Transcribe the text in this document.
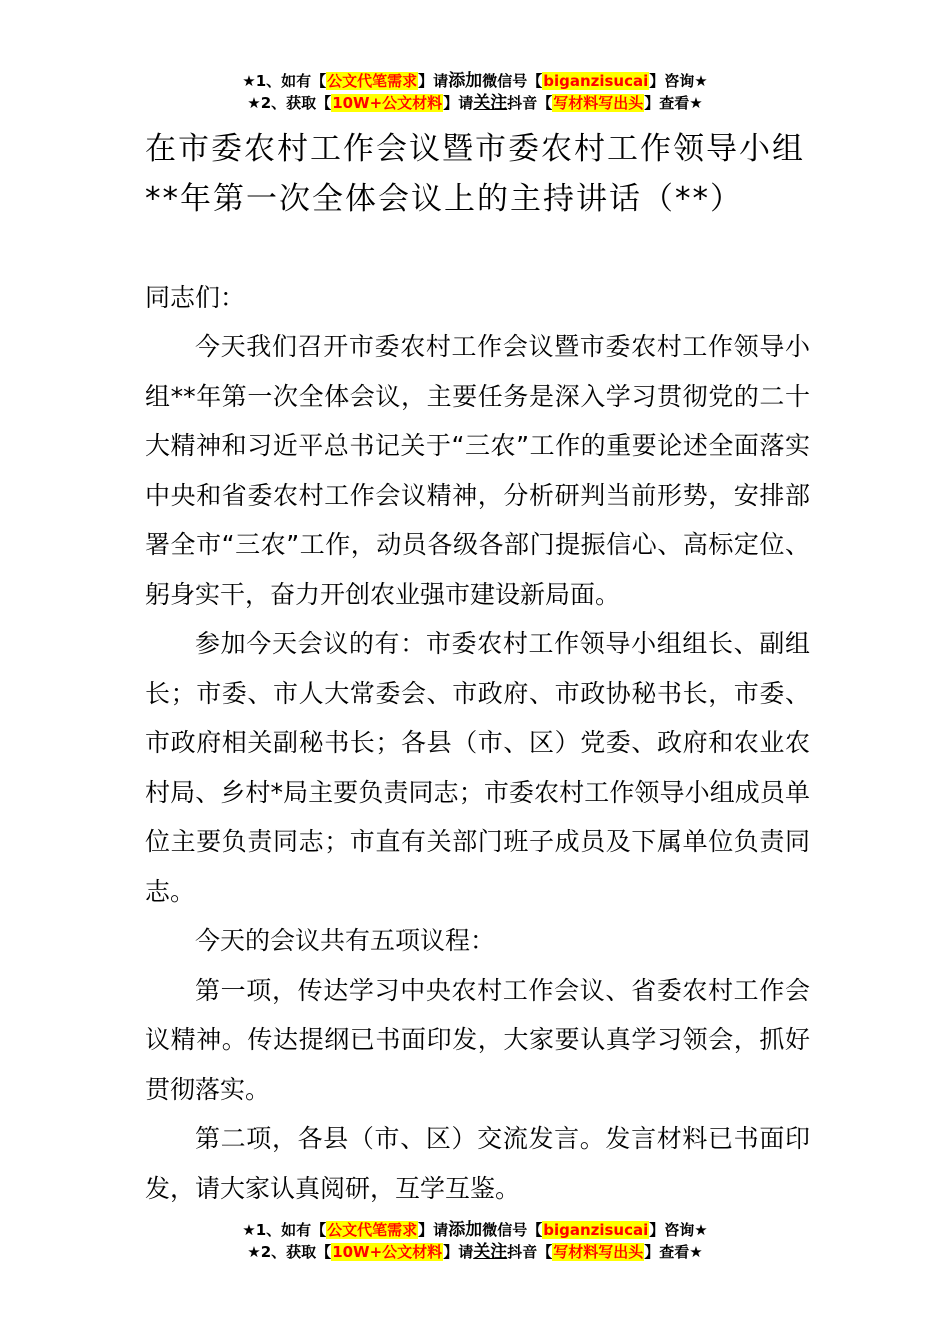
★1、如有【公文代笔需求】请添加微信号【biganzisucai】咨询★
★2、获取【10W+公文材料】请关注抖音【写材料写出头】查看★
在市委农村工作会议暨市委农村工作领导小组**年第一次全体会议上的主持讲话（**）

同志们：

今天我们召开市委农村工作会议暨市委农村工作领导小组**年第一次全体会议，主要任务是深入学习贯彻党的二十大精神和习近平总书记关于“三农”工作的重要论述全面落实中央和省委农村工作会议精神，分析研判当前形势，安排部署全市“三农”工作，动员各级各部门提振信心、高标定位、躬身实干，奋力开创农业强市建设新局面。

参加今天会议的有：市委农村工作领导小组组长、副组长；市委、市人大常委会、市政府、市政协秘书长，市委、市政府相关副秘书长；各县（市、区）党委、政府和农业农村局、乡村*局主要负责同志；市委农村工作领导小组成员单位主要负责同志；市直有关部门班子成员及下属单位负责同志。

今天的会议共有五项议程：

第一项，传达学习中央农村工作会议、省委农村工作会议精神。传达提纲已书面印发，大家要认真学习领会，抓好贯彻落实。

第二项，各县（市、区）交流发言。发言材料已书面印发，请大家认真阅研，互学互鉴。

★1、如有【公文代笔需求】请添加微信号【biganzisucai】咨询★
★2、获取【10W+公文材料】请关注抖音【写材料写出头】查看★
